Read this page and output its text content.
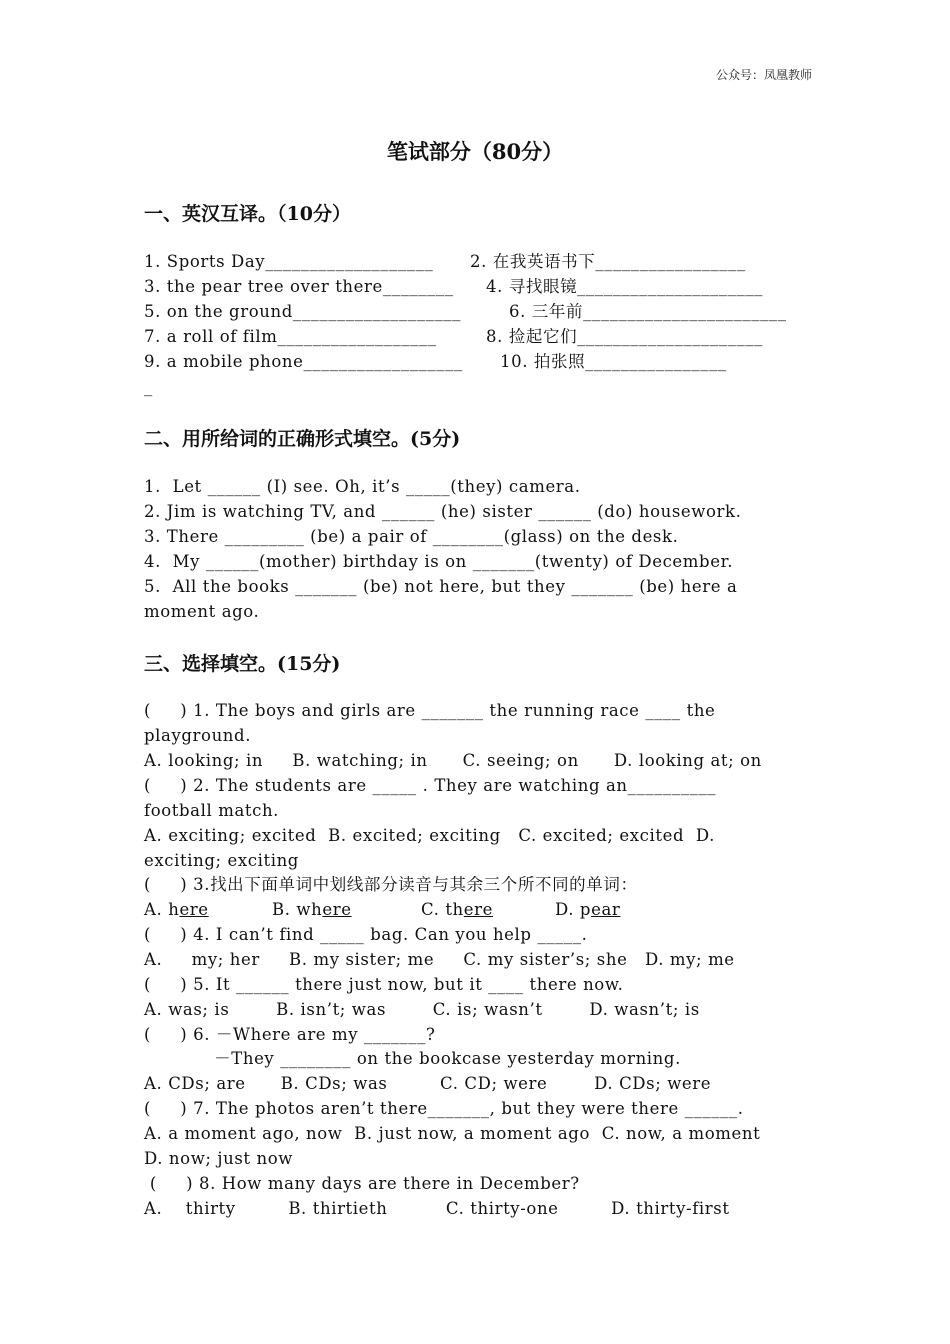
公众号：凤凰教师
笔试部分（80分）
一、英汉互译。（10分）
1. Sports Day___________________ 2. 在我英语书下_________________
3. the pear tree over there________ 4. 寻找眼镜_____________________
5. on the ground___________________	6. 三年前_______________________
7. a roll of film__________________	8. 捡起它们_____________________
9. a mobile phone__________________ 10. 拍张照________________
_
二、用所给词的正确形式填空。(5分)
1.  Let ______ (I) see. Oh, it’s _____(they) camera.
2. Jim is watching TV, and ______ (he) sister ______ (do) housework.
3. There _________ (be) a pair of ________(glass) on the desk.
4.  My ______(mother) birthday is on _______(twenty) of December.
5.  All the books _______ (be) not here, but they _______ (be) here a
moment ago.
三、选择填空。(15分)
(     ) 1. The boys and girls are _______ the running race ____ the
playground.
A. looking; in     B. watching; in      C. seeing; on      D. looking at; on
(     ) 2. The students are _____ . They are watching an__________
football match.
A. exciting; excited  B. excited; exciting   C. excited; excited  D.
exciting; exciting
(     ) 3.找出下面单词中划线部分读音与其余三个所不同的单词：
A. here	B. where	C. there	D. pear
(     ) 4. I can’t find _____ bag. Can you help _____.
A.     my; her     B. my sister; me     C. my sister’s; she   D. my; me
(     ) 5. It ______ there just now, but it ____ there now.
A. was; is        B. isn’t; was        C. is; wasn’t        D. wasn’t; is
(     ) 6. －Where are my _______?
－They ________ on the bookcase yesterday morning.
A. CDs; are      B. CDs; was         C. CD; were        D. CDs; were
(     ) 7. The photos aren’t there_______, but they were there ______.
A. a moment ago, now  B. just now, a moment ago  C. now, a moment
D. now; just now
(     ) 8. How many days are there in December?
A.    thirty         B. thirtieth          C. thirty-one         D. thirty-first
